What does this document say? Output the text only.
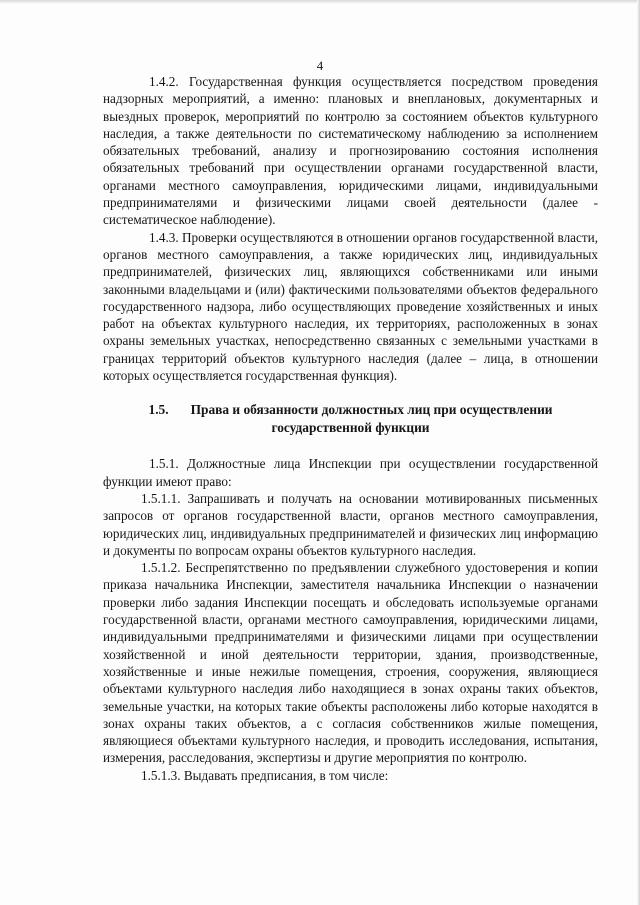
4

1.4.2. Государственная функция осуществляется посредством проведения надзорных мероприятий, а именно: плановых и внеплановых, документарных и выездных проверок, мероприятий по контролю за состоянием объектов культурного наследия, а также деятельности по систематическому наблюдению за исполнением обязательных требований, анализу и прогнозированию состояния исполнения обязательных требований при осуществлении органами государственной власти, органами местного самоуправления, юридическими лицами, индивидуальными предпринимателями и физическими лицами своей деятельности (далее - систематическое наблюдение).

1.4.3. Проверки осуществляются в отношении органов государственной власти, органов местного самоуправления, а также юридических лиц, индивидуальных предпринимателей, физических лиц, являющихся собственниками или иными законными владельцами и (или) фактическими пользователями объектов федерального государственного надзора, либо осуществляющих проведение хозяйственных и иных работ на объектах культурного наследия, их территориях, расположенных в зонах охраны земельных участках, непосредственно связанных с земельными участками в границах территорий объектов культурного наследия (далее – лица, в отношении которых осуществляется государственная функция).

1.5. Права и обязанности должностных лиц при осуществлении
государственной функции

1.5.1. Должностные лица Инспекции при осуществлении государственной функции имеют право:

1.5.1.1. Запрашивать и получать на основании мотивированных письменных запросов от органов государственной власти, органов местного самоуправления, юридических лиц, индивидуальных предпринимателей и физических лиц информацию и документы по вопросам охраны объектов культурного наследия.

1.5.1.2. Беспрепятственно по предъявлении служебного удостоверения и копии приказа начальника Инспекции, заместителя начальника Инспекции о назначении проверки либо задания Инспекции посещать и обследовать используемые органами государственной власти, органами местного самоуправления, юридическими лицами, индивидуальными предпринимателями и физическими лицами при осуществлении хозяйственной и иной деятельности территории, здания, производственные, хозяйственные и иные нежилые помещения, строения, сооружения, являющиеся объектами культурного наследия либо находящиеся в зонах охраны таких объектов, земельные участки, на которых такие объекты расположены либо которые находятся в зонах охраны таких объектов, а с согласия собственников жилые помещения, являющиеся объектами культурного наследия, и проводить исследования, испытания, измерения, расследования, экспертизы и другие мероприятия по контролю.

1.5.1.3. Выдавать предписания, в том числе:
